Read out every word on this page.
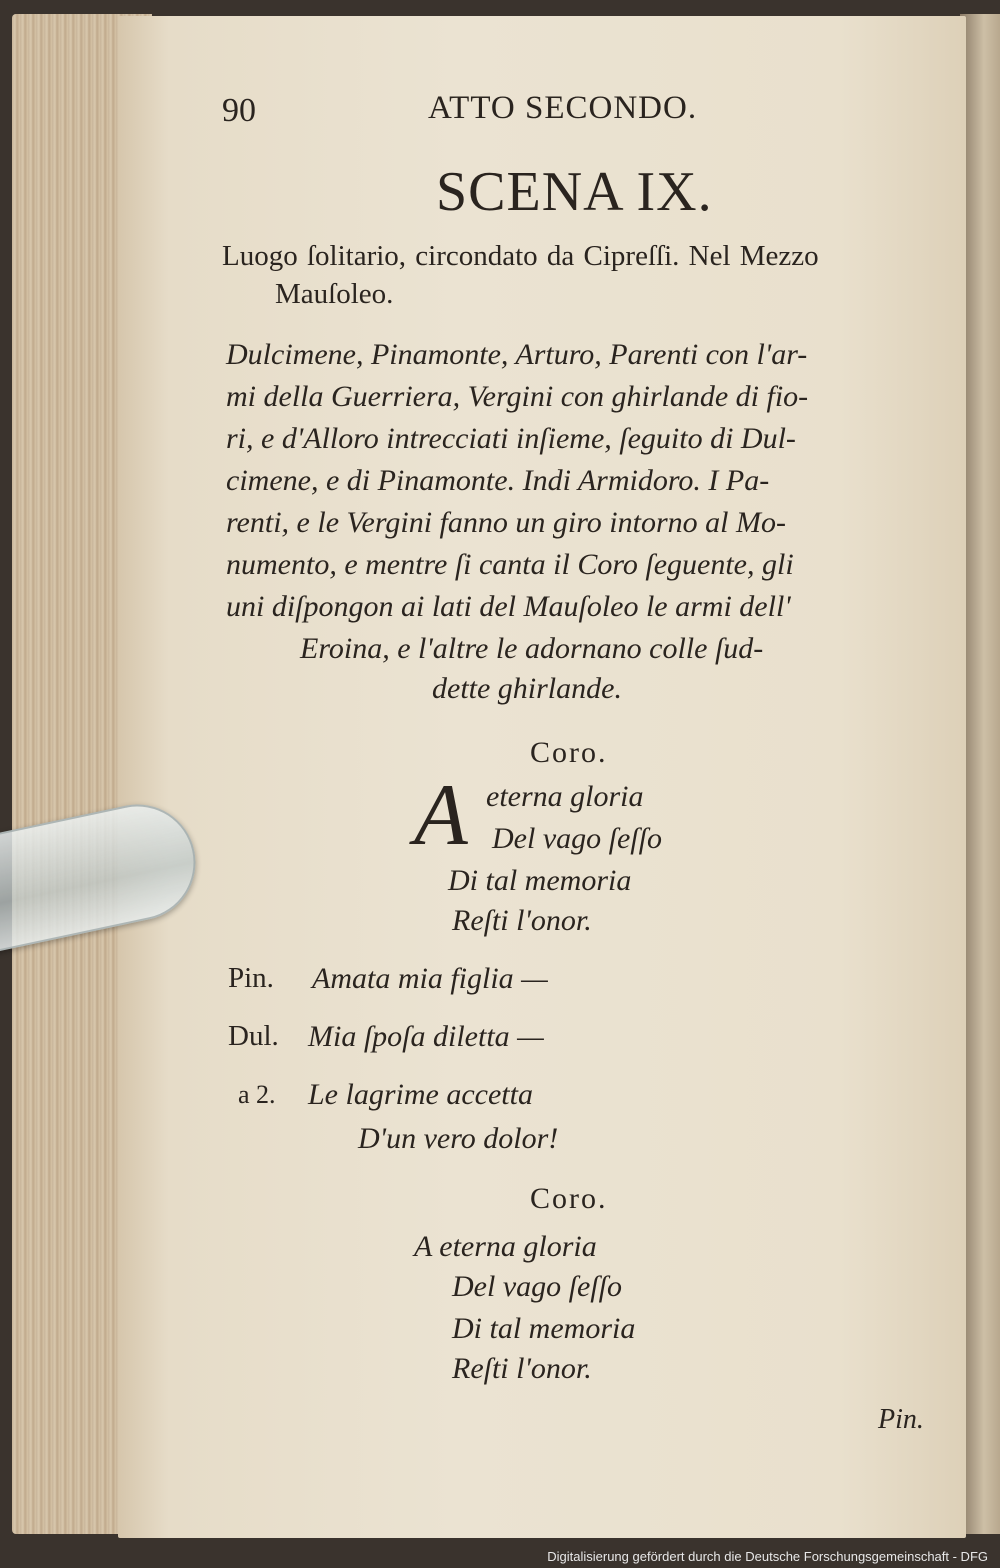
90	ATTO SECONDO.
SCENA IX.
Luogo ſolitario, circondato da Cipreſſi. Nel Mezzo
Mauſoleo.
Dulcimene, Pinamonte, Arturo, Parenti con l'ar-
mi della Guerriera, Vergini con ghirlande di fio-
ri, e d'Alloro intrecciati inſieme, ſeguito di Dul-
cimene, e di Pinamonte. Indi Armidoro. I Pa-
renti, e le Vergini fanno un giro intorno al Mo-
numento, e mentre ſi canta il Coro ſeguente, gli
uni diſpongon ai lati del Mauſoleo le armi dell'
Eroina, e l'altre le adornano colle ſud-
dette ghirlande.
Coro.
A eterna gloria
Del vago ſeſſo
Di tal memoria
Reſti l'onor.
Pin. Amata mia figlia —
Dul. Mia ſpoſa diletta —
a 2. Le lagrime accetta
D'un vero dolor!
Coro.
A eterna gloria
Del vago ſeſſo
Di tal memoria
Reſti l'onor.
Pin.
Digitalisierung gefördert durch die Deutsche Forschungsgemeinschaft - DFG
